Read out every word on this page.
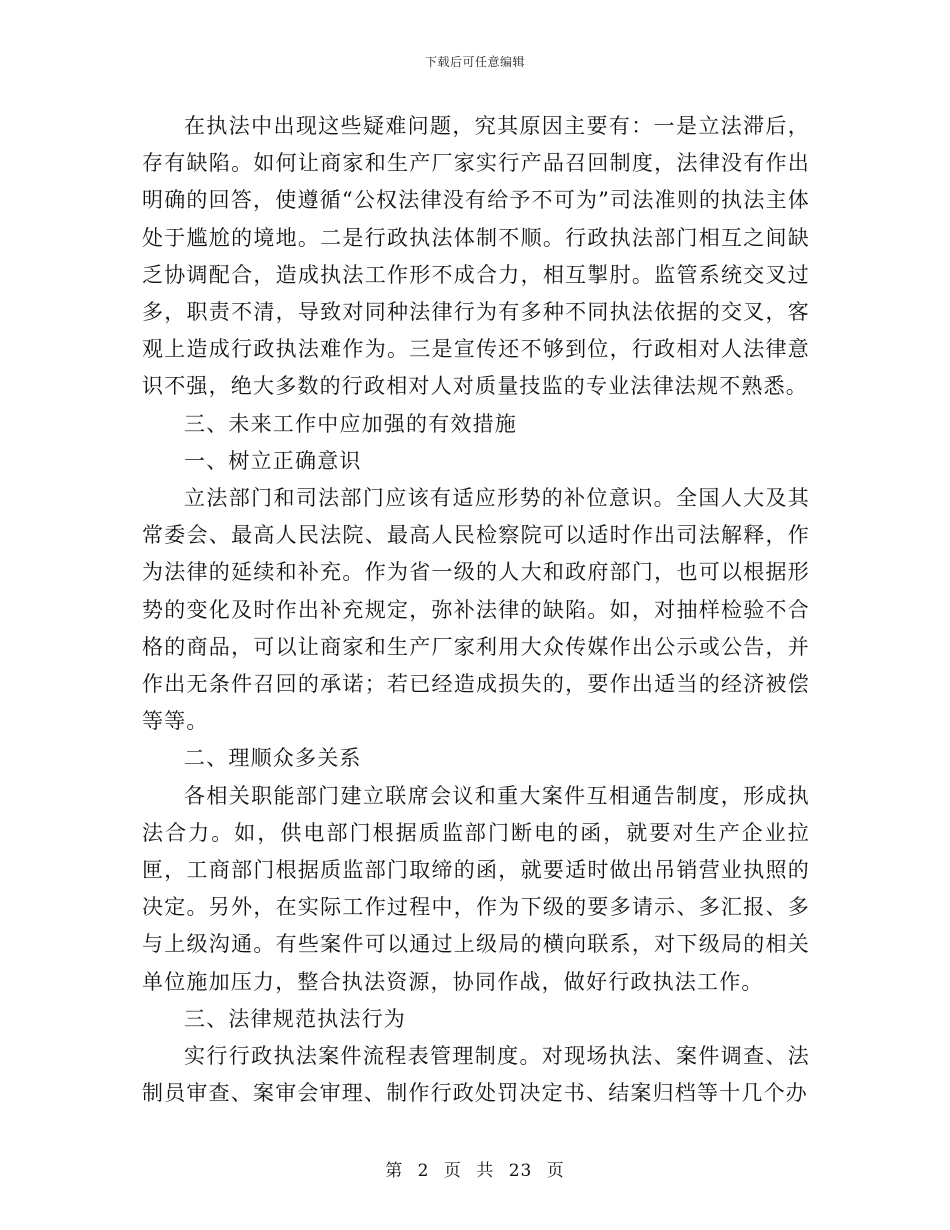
下载后可任意编辑

在执法中出现这些疑难问题，究其原因主要有：一是立法滞后，存有缺陷。如何让商家和生产厂家实行产品召回制度，法律没有作出明确的回答，使遵循“公权法律没有给予不可为”司法准则的执法主体处于尴尬的境地。二是行政执法体制不顺。行政执法部门相互之间缺乏协调配合，造成执法工作形不成合力，相互掣肘。监管系统交叉过多，职责不清，导致对同种法律行为有多种不同执法依据的交叉，客观上造成行政执法难作为。三是宣传还不够到位，行政相对人法律意识不强，绝大多数的行政相对人对质量技监的专业法律法规不熟悉。

三、未来工作中应加强的有效措施

一、树立正确意识

立法部门和司法部门应该有适应形势的补位意识。全国人大及其常委会、最高人民法院、最高人民检察院可以适时作出司法解释，作为法律的延续和补充。作为省一级的人大和政府部门，也可以根据形势的变化及时作出补充规定，弥补法律的缺陷。如，对抽样检验不合格的商品，可以让商家和生产厂家利用大众传媒作出公示或公告，并作出无条件召回的承诺；若已经造成损失的，要作出适当的经济被偿等等。

二、理顺众多关系

各相关职能部门建立联席会议和重大案件互相通告制度，形成执法合力。如，供电部门根据质监部门断电的函，就要对生产企业拉匣，工商部门根据质监部门取缔的函，就要适时做出吊销营业执照的决定。另外，在实际工作过程中，作为下级的要多请示、多汇报、多与上级沟通。有些案件可以通过上级局的横向联系，对下级局的相关单位施加压力，整合执法资源，协同作战，做好行政执法工作。

三、法律规范执法行为

实行行政执法案件流程表管理制度。对现场执法、案件调查、法制员审查、案审会审理、制作行政处罚决定书、结案归档等十几个办

第 2 页 共 23 页
